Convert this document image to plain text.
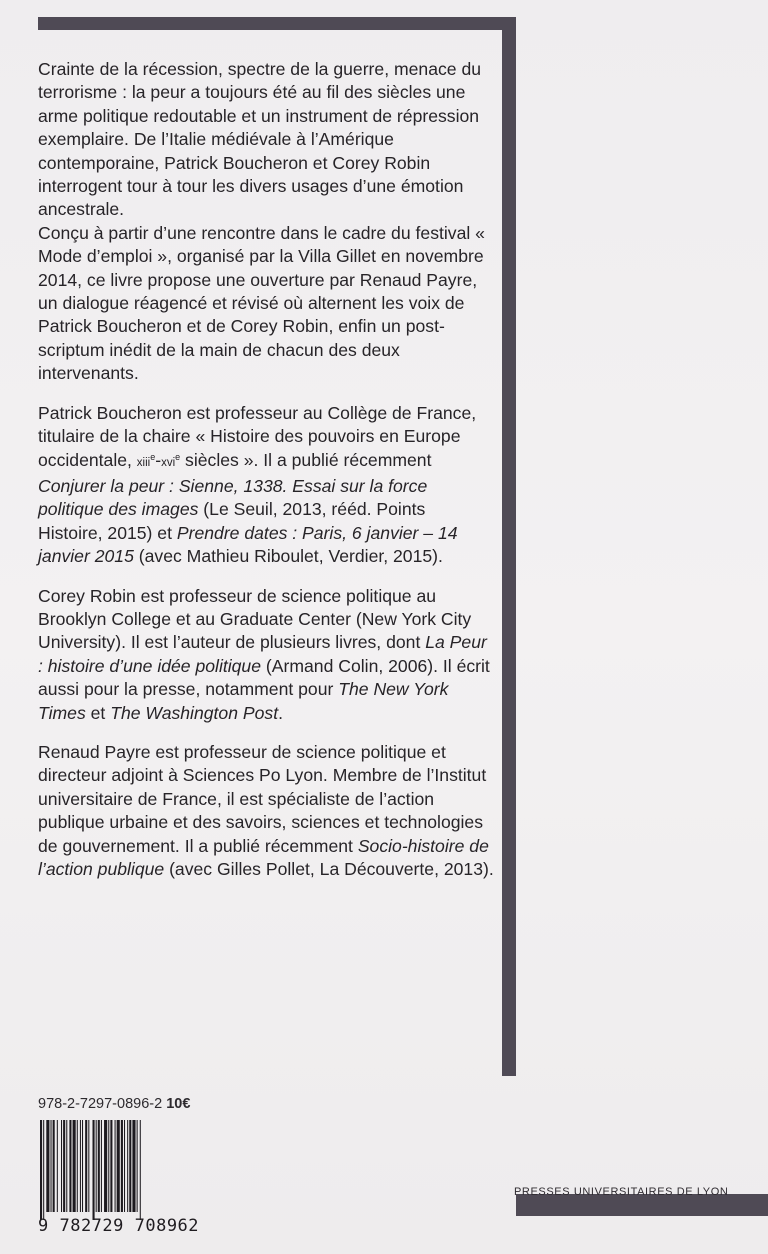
Crainte de la récession, spectre de la guerre, menace du terrorisme : la peur a toujours été au fil des siècles une arme politique redoutable et un instrument de répression exemplaire. De l’Italie médiévale à l’Amérique contemporaine, Patrick Boucheron et Corey Robin interrogent tour à tour les divers usages d’une émotion ancestrale.

Conçu à partir d’une rencontre dans le cadre du festival « Mode d’emploi », organisé par la Villa Gillet en novembre 2014, ce livre propose une ouverture par Renaud Payre, un dialogue réagencé et révisé où alternent les voix de Patrick Boucheron et de Corey Robin, enfin un post-scriptum inédit de la main de chacun des deux intervenants.

Patrick Boucheron est professeur au Collège de France, titulaire de la chaire « Histoire des pouvoirs en Europe occidentale, xiii$^e$-xvi$^e$ siècles ». Il a publié récemment Conjurer la peur : Sienne, 1338. Essai sur la force politique des images (Le Seuil, 2013, rééd. Points Histoire, 2015) et Prendre dates : Paris, 6 janvier – 14 janvier 2015 (avec Mathieu Riboulet, Verdier, 2015).

Corey Robin est professeur de science politique au Brooklyn College et au Graduate Center (New York City University). Il est l’auteur de plusieurs livres, dont La Peur : histoire d’une idée politique (Armand Colin, 2006). Il écrit aussi pour la presse, notamment pour The New York Times et The Washington Post.

Renaud Payre est professeur de science politique et directeur adjoint à Sciences Po Lyon. Membre de l’Institut universitaire de France, il est spécialiste de l’action publique urbaine et des savoirs, sciences et technologies de gouvernement. Il a publié récemment Socio-histoire de l’action publique (avec Gilles Pollet, La Découverte, 2013).

978-2-7297-0896-2 10€
9 782729 708962
PRESSES UNIVERSITAIRES DE LYON
